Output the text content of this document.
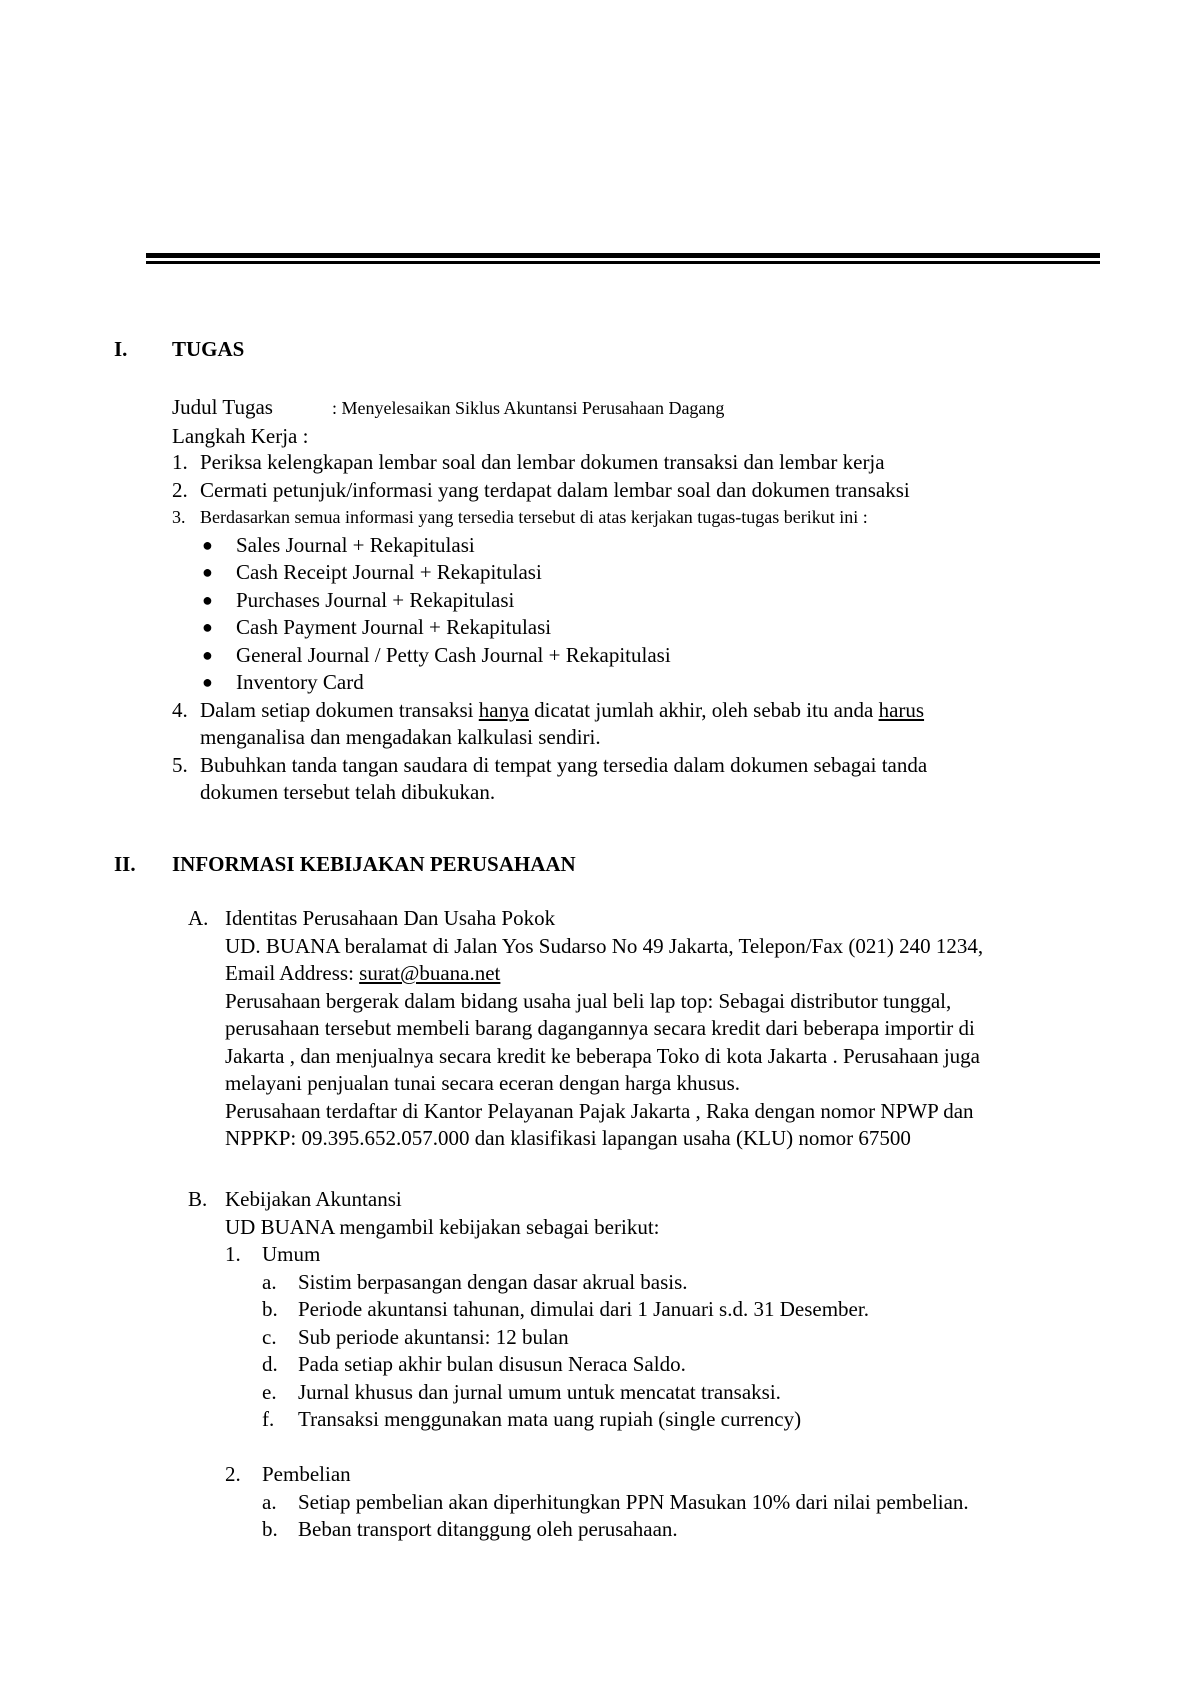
I. TUGAS
Judul Tugas	: Menyelesaikan Siklus Akuntansi Perusahaan Dagang
Langkah Kerja :
1. Periksa kelengkapan lembar soal dan lembar dokumen transaksi dan lembar kerja
2. Cermati petunjuk/informasi yang terdapat dalam lembar soal dan dokumen transaksi
3. Berdasarkan semua informasi yang tersedia tersebut di atas kerjakan tugas-tugas berikut ini :
● Sales Journal + Rekapitulasi
● Cash Receipt Journal + Rekapitulasi
● Purchases Journal + Rekapitulasi
● Cash Payment Journal + Rekapitulasi
● General Journal / Petty Cash Journal + Rekapitulasi
● Inventory Card
4. Dalam setiap dokumen transaksi hanya dicatat jumlah akhir, oleh sebab itu anda harus
menganalisa dan mengadakan kalkulasi sendiri.
5. Bubuhkan tanda tangan saudara di tempat yang tersedia dalam dokumen sebagai tanda
dokumen tersebut telah dibukukan.
II. INFORMASI KEBIJAKAN PERUSAHAAN
A. Identitas Perusahaan Dan Usaha Pokok
UD. BUANA beralamat di Jalan Yos Sudarso No 49 Jakarta, Telepon/Fax (021) 240 1234,
Email Address: surat@buana.net
Perusahaan bergerak dalam bidang usaha jual beli lap top: Sebagai distributor tunggal,
perusahaan tersebut membeli barang dagangannya secara kredit dari beberapa importir di
Jakarta , dan menjualnya secara kredit ke beberapa Toko di kota Jakarta . Perusahaan juga
melayani penjualan tunai secara eceran dengan harga khusus.
Perusahaan terdaftar di Kantor Pelayanan Pajak Jakarta , Raka dengan nomor NPWP dan
NPPKP: 09.395.652.057.000 dan klasifikasi lapangan usaha (KLU) nomor 67500
B. Kebijakan Akuntansi
UD BUANA mengambil kebijakan sebagai berikut:
1. Umum
a. Sistim berpasangan dengan dasar akrual basis.
b. Periode akuntansi tahunan, dimulai dari 1 Januari s.d. 31 Desember.
c. Sub periode akuntansi: 12 bulan
d. Pada setiap akhir bulan disusun Neraca Saldo.
e. Jurnal khusus dan jurnal umum untuk mencatat transaksi.
f. Transaksi menggunakan mata uang rupiah (single currency)
2. Pembelian
a. Setiap pembelian akan diperhitungkan PPN Masukan 10% dari nilai pembelian.
b. Beban transport ditanggung oleh perusahaan.
